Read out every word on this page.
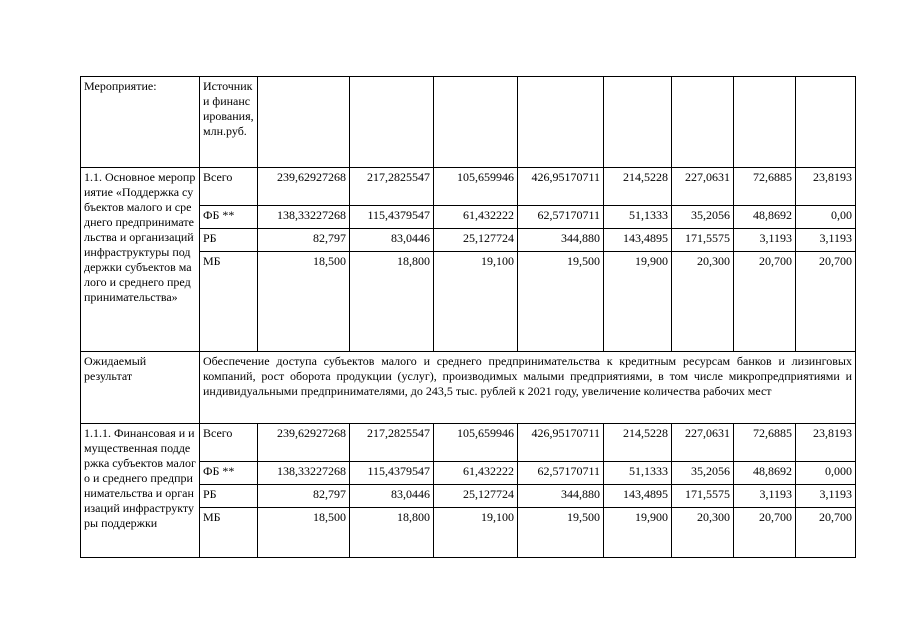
Мероприятие:	Источники финансирования, млн.руб.								
1.1. Основное мероприятие «Поддержка субъектов малого и среднего предпринимательства и организаций инфраструктуры поддержки субъектов малого и среднего предпринимательства»	Всего	239,62927268	217,2825547	105,659946	426,95170711	214,5228	227,0631	72,6885	23,8193
	ФБ **	138,33227268	115,4379547	61,432222	62,57170711	51,1333	35,2056	48,8692	0,00
	РБ	82,797	83,0446	25,127724	344,880	143,4895	171,5575	3,1193	3,1193
	МБ	18,500	18,800	19,100	19,500	19,900	20,300	20,700	20,700
Ожидаемый результат	Обеспечение доступа субъектов малого и среднего предпринимательства к кредитным ресурсам банков и лизинговых компаний, рост оборота продукции (услуг), производимых малыми предприятиями, в том числе микропредприятиями и индивидуальными предпринимателями, до 243,5 тыс. рублей к 2021 году, увеличение количества рабочих мест								
1.1.1. Финансовая и имущественная поддержка субъектов малого и среднего предпринимательства и организаций инфраструктуры поддержки	Всего	239,62927268	217,2825547	105,659946	426,95170711	214,5228	227,0631	72,6885	23,8193
	ФБ **	138,33227268	115,4379547	61,432222	62,57170711	51,1333	35,2056	48,8692	0,000
	РБ	82,797	83,0446	25,127724	344,880	143,4895	171,5575	3,1193	3,1193
	МБ	18,500	18,800	19,100	19,500	19,900	20,300	20,700	20,700
